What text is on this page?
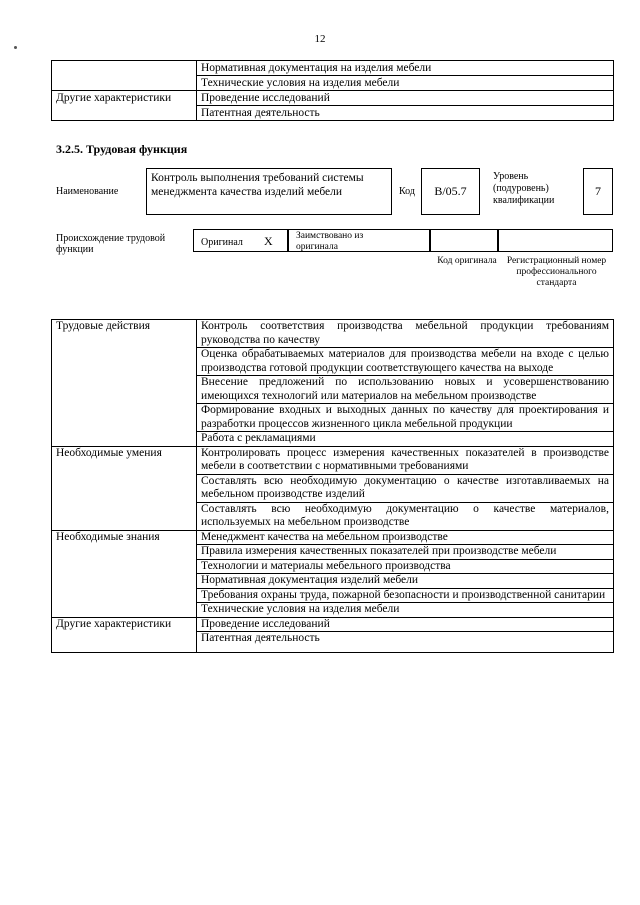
12
	Нормативная документация на изделия мебели
	Технические условия на изделия мебели
Другие характеристики	Проведение исследований
	Патентная деятельность
3.2.5. Трудовая функция
Наименование
Контроль выполнения требований системы менеджмента качества изделий мебели	Код	B/05.7
Уровень (подуровень) квалификации
7
Происхождение трудовой функции
Оригинал X Заимствовано из оригинала
Код оригинала	Регистрационный номер профессионального стандарта
Трудовые действия	Контроль соответствия производства мебельной продукции требованиям руководства по качеству
	Оценка обрабатываемых материалов для производства мебели на входе с целью производства готовой продукции соответствующего качества на выходе
	Внесение предложений по использованию новых и усовершенствованию имеющихся технологий или материалов на мебельном производстве
	Формирование входных и выходных данных по качеству для проектирования и разработки процессов жизненного цикла мебельной продукции
	Работа с рекламациями
Необходимые умения	Контролировать процесс измерения качественных показателей в производстве мебели в соответствии с нормативными требованиями
	Составлять всю необходимую документацию о качестве изготавливаемых на мебельном производстве изделий
	Составлять всю необходимую документацию о качестве материалов, используемых на мебельном производстве
Необходимые знания	Менеджмент качества на мебельном производстве
	Правила измерения качественных показателей при производстве мебели
	Технологии и материалы мебельного производства
	Нормативная документация изделий мебели
	Требования охраны труда, пожарной безопасности и производственной санитарии
	Технические условия на изделия мебели
Другие характеристики	Проведение исследований
	Патентная деятельность
